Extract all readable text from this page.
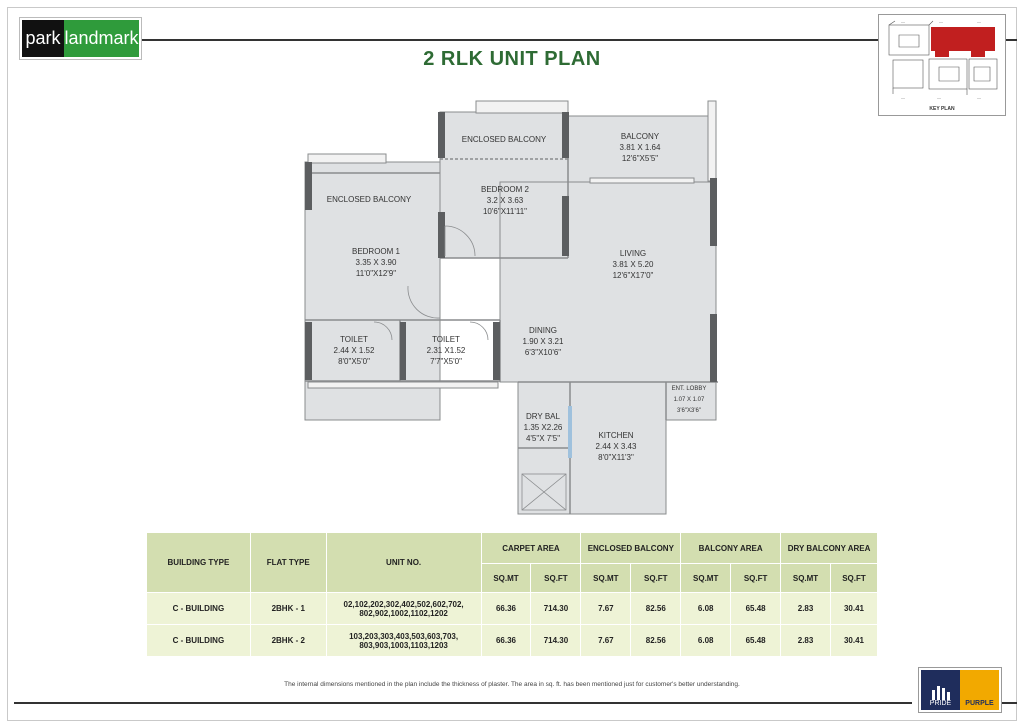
park landmark
2 RLK UNIT PLAN
----	----	----
----	----	----
KEY PLAN
ENCLOSED BALCONY	BALCONY
3.81 X 1.64
12'6"X5'5"
ENCLOSED BALCONY
BEDROOM 2
3.2 X 3.63
10'6"X11'11"
BEDROOM 1
3.35 X 3.90
11'0"X12'9"
LIVING
3.81 X 5.20
12'6"X17'0"
TOILET
2.44 X 1.52
8'0"X5'0"
TOILET
2.31 X1.52
7'7"X5'0"
DINING
1.90 X 3.21
6'3"X10'6"
ENT. LOBBY
1.07 X 1.07
3'6"X3'6"
DRY BAL
1.35 X2.26
4'5"X 7'5"	KITCHEN
2.44 X 3.43
8'0"X11'3"
BUILDING TYPE	FLAT TYPE	UNIT NO.	CARPET AREA		ENCLOSED BALCONY		BALCONY AREA		DRY BALCONY AREA	
			SQ.MT	SQ.FT	SQ.MT	SQ.FT	SQ.MT	SQ.FT	SQ.MT	SQ.FT
C - BUILDING	2BHK - 1	02,102,202,302,402,502,602,702,
802,902,1002,1102,1202	66.36	714.30	7.67	82.56	6.08	65.48	2.83	30.41
C - BUILDING	2BHK - 2	103,203,303,403,503,603,703,
803,903,1003,1103,1203	66.36	714.30	7.67	82.56	6.08	65.48	2.83	30.41
The internal dimensions mentioned in the plan include the thickness of plaster. The area in sq. ft. has been mentioned just for customer's better understanding.
PRIDE	PURPLE
